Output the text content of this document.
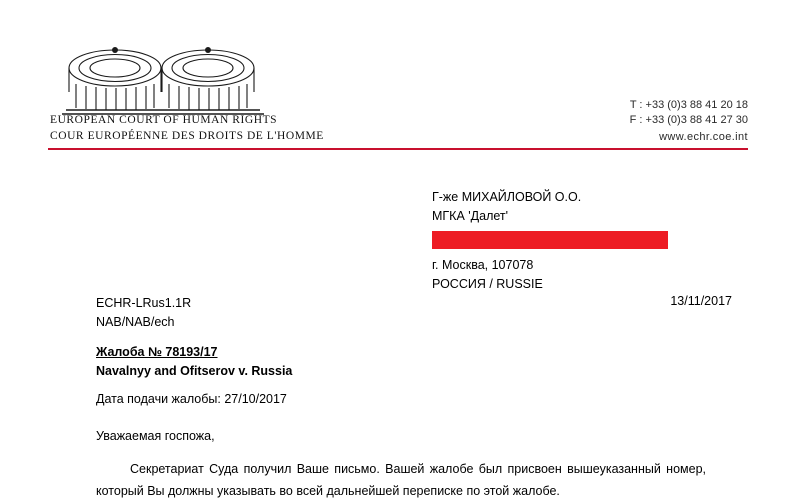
EUROPEAN COURT OF HUMAN RIGHTS
COUR EUROPÉENNE DES DROITS DE L'HOMME
T : +33 (0)3 88 41 20 18
F : +33 (0)3 88 41 27 30
www.echr.coe.int
Г-же МИХАЙЛОВОЙ О.О.
МГКА 'Далет'
г. Москва, 107078
РОССИЯ / RUSSIE
ECHR-LRus1.1R
NAB/NAB/ech
13/11/2017
Жалоба № 78193/17
Navalnyy and Ofitserov v. Russia
Дата подачи жалобы: 27/10/2017
Уважаемая госпожа,
Секретариат Суда получил Ваше письмо. Вашей жалобе был присвоен вышеуказанный номер, который Вы должны указывать во всей дальнейшей переписке по этой жалобе.
